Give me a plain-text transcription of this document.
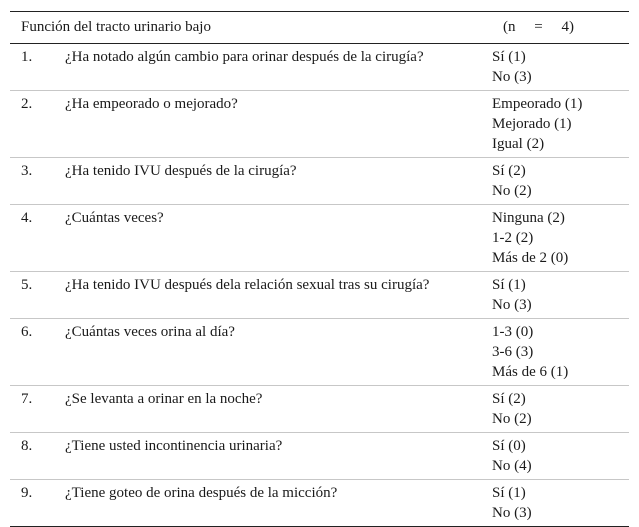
Función del tracto urinario bajo	(n     =     4)
1.	¿Ha notado algún cambio para orinar después de la cirugía?	Sí (1)
No (3)
2.	¿Ha empeorado o mejorado?	Empeorado (1)
Mejorado (1)
Igual (2)
3.	¿Ha tenido IVU después de la cirugía?	Sí (2)
No (2)
4.	¿Cuántas veces?	Ninguna (2)
1-2 (2)
Más de 2 (0)
5.	¿Ha tenido IVU después dela relación sexual tras su cirugía?	Sí (1)
No (3)
6.	¿Cuántas veces orina al día?	1-3 (0)
3-6 (3)
Más de 6 (1)
7.	¿Se levanta a orinar en la noche?	Sí (2)
No (2)
8.	¿Tiene usted incontinencia urinaria?	Sí (0)
No (4)
9.	¿Tiene goteo de orina después de la micción?	Sí (1)
No (3)
